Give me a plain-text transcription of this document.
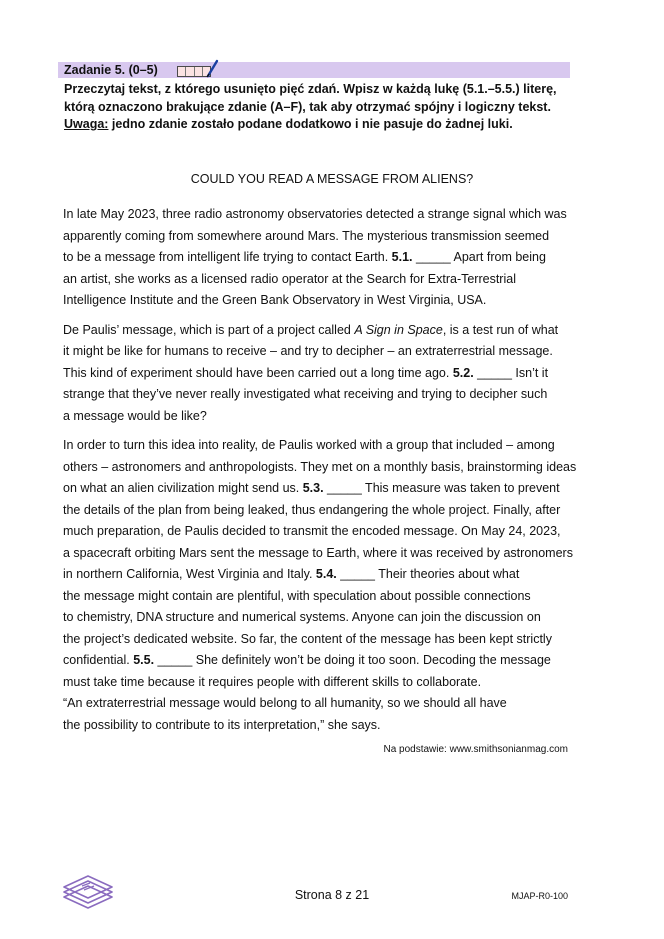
Zadanie 5. (0–5)

Przeczytaj tekst, z którego usunięto pięć zdań. Wpisz w każdą lukę (5.1.–5.5.) literę,

którą oznaczono brakujące zdanie (A–F), tak aby otrzymać spójny i logiczny tekst.

Uwaga: jedno zdanie zostało podane dodatkowo i nie pasuje do żadnej luki.

COULD YOU READ A MESSAGE FROM ALIENS?

In late May 2023, three radio astronomy observatories detected a strange signal which was
apparently coming from somewhere around Mars. The mysterious transmission seemed
to be a message from intelligent life trying to contact Earth. 5.1. _____ Apart from being
an artist, she works as a licensed radio operator at the Search for Extra-Terrestrial
Intelligence Institute and the Green Bank Observatory in West Virginia, USA.

De Paulis’ message, which is part of a project called A Sign in Space, is a test run of what
it might be like for humans to receive – and try to decipher – an extraterrestrial message.
This kind of experiment should have been carried out a long time ago. 5.2. _____ Isn’t it
strange that they’ve never really investigated what receiving and trying to decipher such
a message would be like?

In order to turn this idea into reality, de Paulis worked with a group that included – among
others – astronomers and anthropologists. They met on a monthly basis, brainstorming ideas
on what an alien civilization might send us. 5.3. _____ This measure was taken to prevent
the details of the plan from being leaked, thus endangering the whole project. Finally, after
much preparation, de Paulis decided to transmit the encoded message. On May 24, 2023,
a spacecraft orbiting Mars sent the message to Earth, where it was received by astronomers
in northern California, West Virginia and Italy. 5.4. _____ Their theories about what
the message might contain are plentiful, with speculation about possible connections
to chemistry, DNA structure and numerical systems. Anyone can join the discussion on
the project’s dedicated website. So far, the content of the message has been kept strictly
confidential. 5.5. _____ She definitely won’t be doing it too soon. Decoding the message
must take time because it requires people with different skills to collaborate.
“An extraterrestrial message would belong to all humanity, so we should all have
the possibility to contribute to its interpretation,” she says.

Na podstawie: www.smithsonianmag.com
Strona 8 z 21	MJAP-R0-100
